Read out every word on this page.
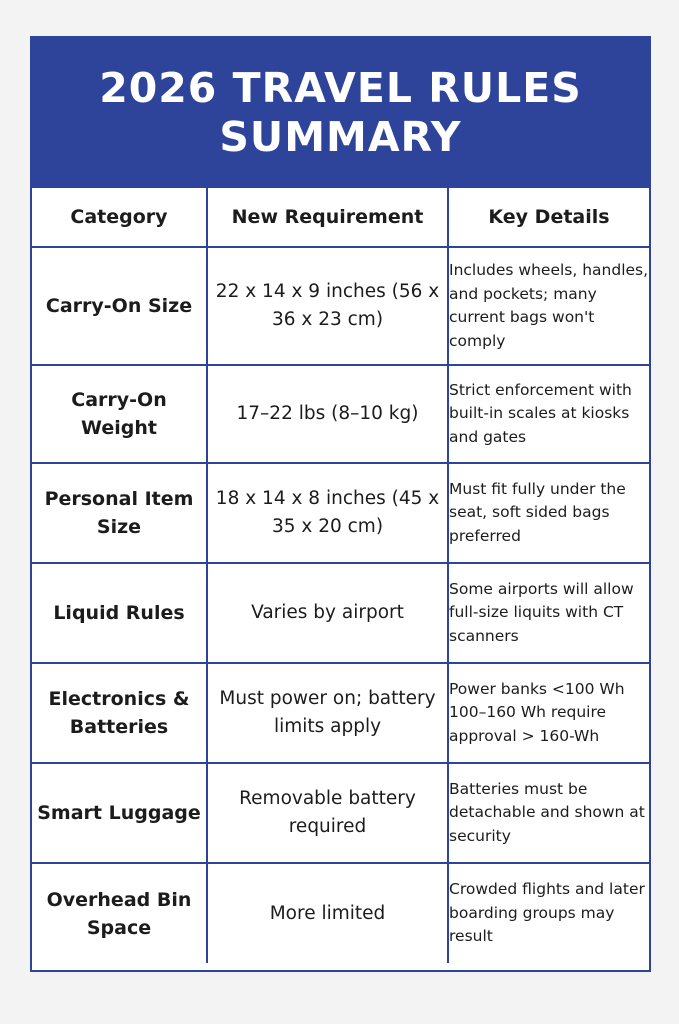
2026 TRAVEL RULES SUMMARY
Category	New Requirement	Key Details
Carry-On Size	22 x 14 x 9 inches (56 x 36 x 23 cm)	Includes wheels, handles, and pockets; many current bags won't comply
Carry-On Weight	17–22 lbs (8–10 kg)	Strict enforcement with built-in scales at kiosks and gates
Personal Item Size	18 x 14 x 8 inches (45 x 35 x 20 cm)	Must fit fully under the seat, soft sided bags preferred
Liquid Rules	Varies by airport	Some airports will allow full-size liquits with CT scanners
Electronics & Batteries	Must power on; battery limits apply	Power banks <100 Wh 100–160 Wh require approval > 160-Wh
Smart Luggage	Removable battery required	Batteries must be detachable and shown at security
Overhead Bin Space	More limited	Crowded flights and later boarding groups may result
